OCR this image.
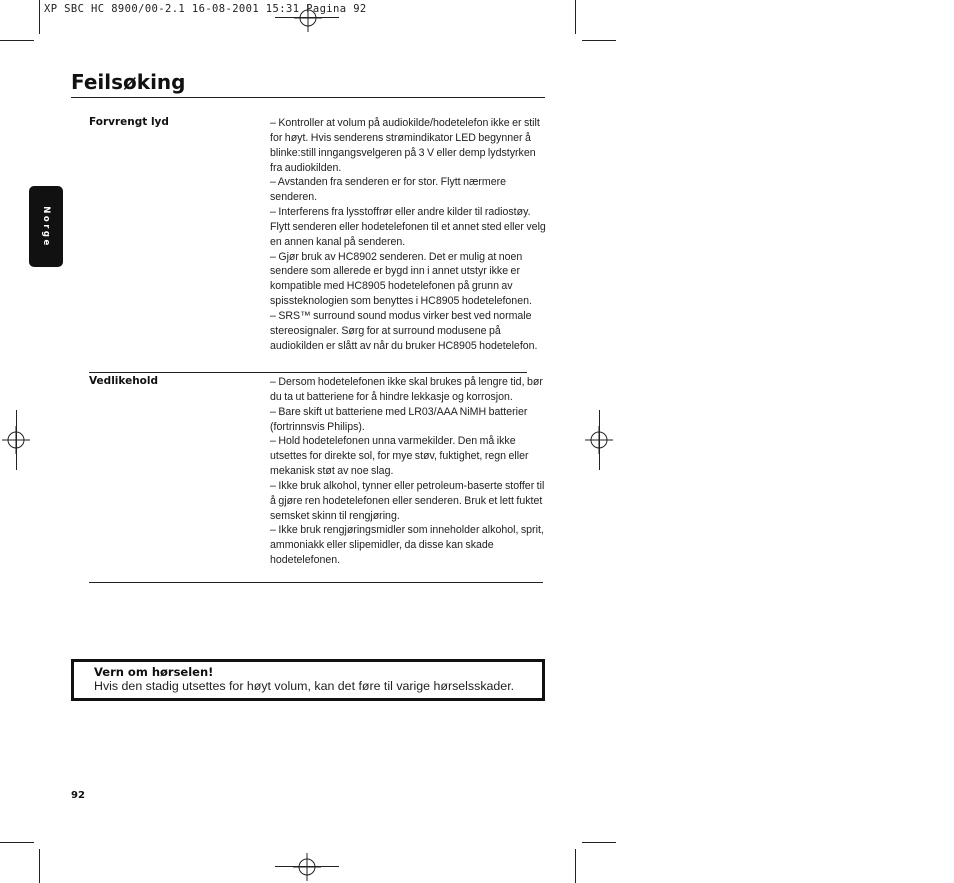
XP SBC HC 8900/00-2.1 16-08-2001 15:31 Pagina 92
Feilsøking
Norge
Forvrengt lyd	– Kontroller at volum på audiokilde/hodetelefon ikke er stilt for høyt. Hvis senderens strømindikator LED begynner å blinke:still inngangsvelgeren på 3 V eller demp lydstyrken fra audiokilden.

– Avstanden fra senderen er for stor. Flytt nærmere senderen.

– Interferens fra lysstoffrør eller andre kilder til radiostøy. Flytt senderen eller hodetelefonen til et annet sted eller velg en annen kanal på senderen.

– Gjør bruk av HC8902 senderen. Det er mulig at noen sendere som allerede er bygd inn i annet utstyr ikke er kompatible med HC8905 hodetelefonen på grunn av spissteknologien som benyttes i HC8905 hodetelefonen.

– SRS™ surround sound modus virker best ved normale stereosignaler. Sørg for at surround modusene på audiokilden er slått av når du bruker HC8905 hodetelefon.

Vedlikehold	– Dersom hodetelefonen ikke skal brukes på lengre tid, bør du ta ut batteriene for å hindre lekkasje og korrosjon.

– Bare skift ut batteriene med LR03/AAA NiMH batterier (fortrinnsvis Philips).

– Hold hodetelefonen unna varmekilder. Den må ikke utsettes for direkte sol, for mye støv, fuktighet, regn eller mekanisk støt av noe slag.

– Ikke bruk alkohol, tynner eller petroleum-baserte stoffer til å gjøre ren hodetelefonen eller senderen. Bruk et lett fuktet semsket skinn til rengjøring.

– Ikke bruk rengjøringsmidler som inneholder alkohol, sprit, ammoniakk eller slipemidler, da disse kan skade hodetelefonen.

Vern om hørselen!
Hvis den stadig utsettes for høyt volum, kan det føre til varige hørselsskader.
92
